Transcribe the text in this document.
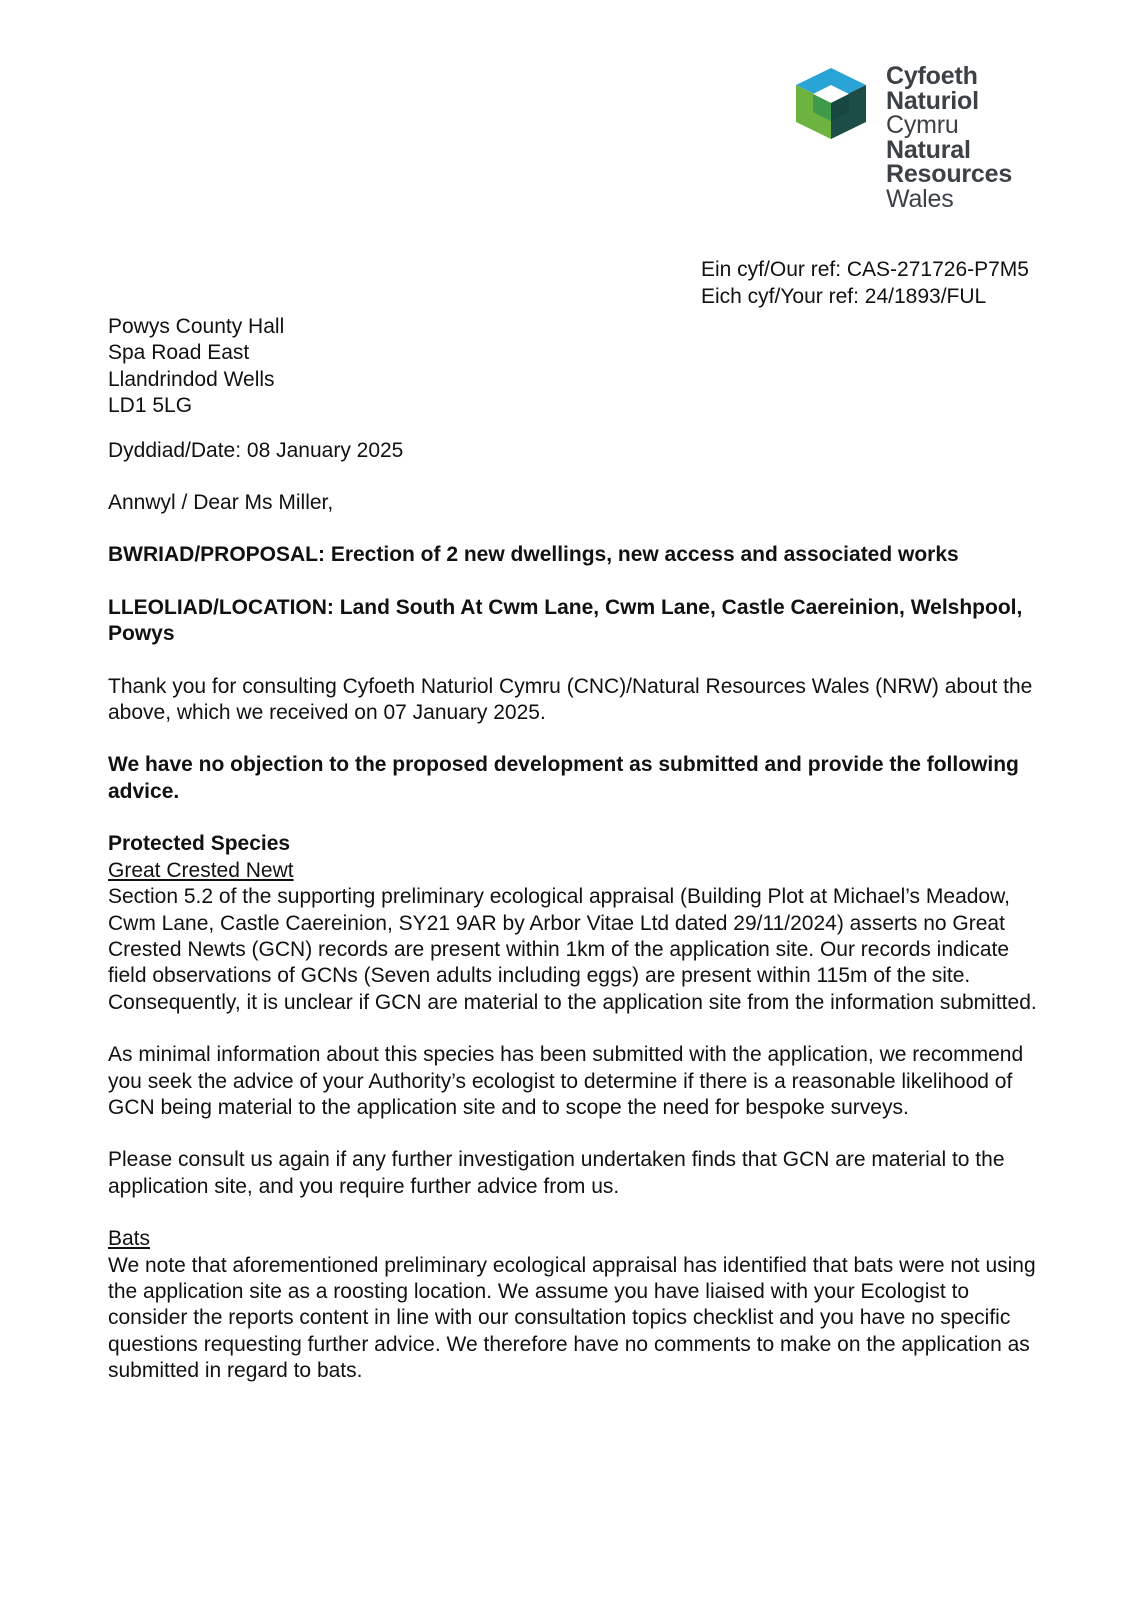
Cyfoeth
Naturiol
Cymru
Natural
Resources
Wales
Ein cyf/Our ref: CAS-271726-P7M5
Eich cyf/Your ref: 24/1893/FUL
Powys County Hall
Spa Road East
Llandrindod Wells
LD1 5LG

Dyddiad/Date: 08 January 2025

Annwyl / Dear Ms Miller,

BWRIAD/PROPOSAL: Erection of 2 new dwellings, new access and associated works

LLEOLIAD/LOCATION: Land South At Cwm Lane, Cwm Lane, Castle Caereinion, Welshpool, Powys

Thank you for consulting Cyfoeth Naturiol Cymru (CNC)/Natural Resources Wales (NRW) about the above, which we received on 07 January 2025.

We have no objection to the proposed development as submitted and provide the following advice.

Protected Species

Great Crested Newt

Section 5.2 of the supporting preliminary ecological appraisal (Building Plot at Michael’s Meadow, Cwm Lane, Castle Caereinion, SY21 9AR by Arbor Vitae Ltd dated 29/11/2024) asserts no Great Crested Newts (GCN) records are present within 1km of the application site. Our records indicate field observations of GCNs (Seven adults including eggs) are present within 115m of the site. Consequently, it is unclear if GCN are material to the application site from the information submitted.

As minimal information about this species has been submitted with the application, we recommend you seek the advice of your Authority’s ecologist to determine if there is a reasonable likelihood of GCN being material to the application site and to scope the need for bespoke surveys.

Please consult us again if any further investigation undertaken finds that GCN are material to the application site, and you require further advice from us.

Bats

We note that aforementioned preliminary ecological appraisal has identified that bats were not using the application site as a roosting location. We assume you have liaised with your Ecologist to consider the reports content in line with our consultation topics checklist and you have no specific questions requesting further advice. We therefore have no comments to make on the application as submitted in regard to bats.
